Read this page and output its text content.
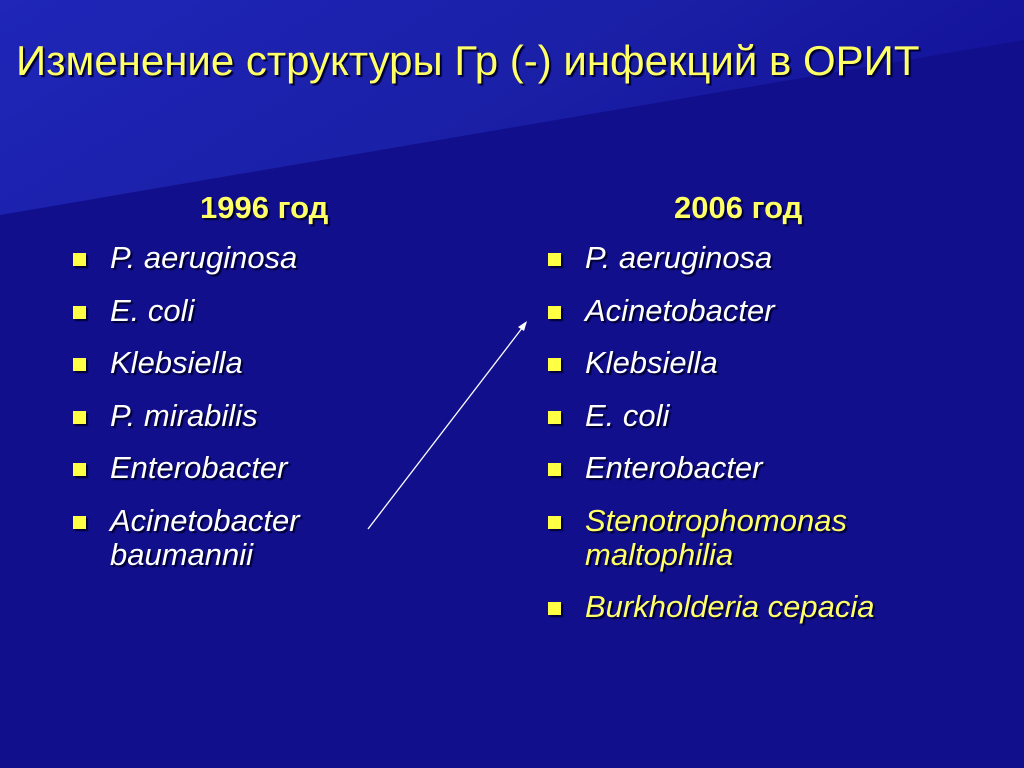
Изменение структуры Гр (-) инфекций в ОРИТ
1996 год
P. aeruginosa
E. coli
Klebsiella
P. mirabilis
Enterobacter
Acinetobacter
baumannii
2006 год
P. aeruginosa
Acinetobacter
Klebsiella
E. coli
Enterobacter
Stenotrophomonas
maltophilia
Burkholderia cepacia
